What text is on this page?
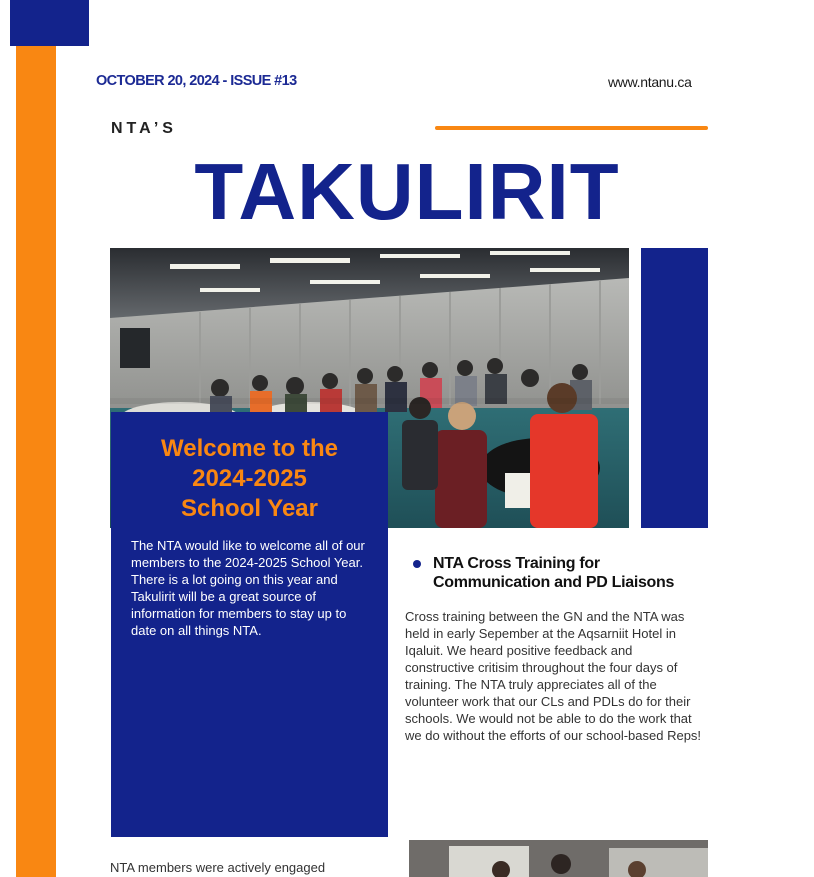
OCTOBER 20, 2024 - ISSUE #13	www.ntanu.ca
NTA’S
TAKULIRIT
Welcome to the
2024-2025
School Year
The NTA would like to welcome all of our members to the 2024-2025 School Year. There is a lot going on this year and Takulirit will be a great source of information for members to stay up to date on all things NTA.
NTA Cross Training for
Communication and PD Liaisons
Cross training between the GN and the NTA was held in early Sepember at the Aqsarniit Hotel in Iqaluit. We heard positive feedback and constructive critisim throughout the four days of training. The NTA truly appreciates all of the volunteer work that our CLs and PDLs do for their schools. We would not be able to do the work that we do without the efforts of our school-based Reps!
NTA members were actively engaged
